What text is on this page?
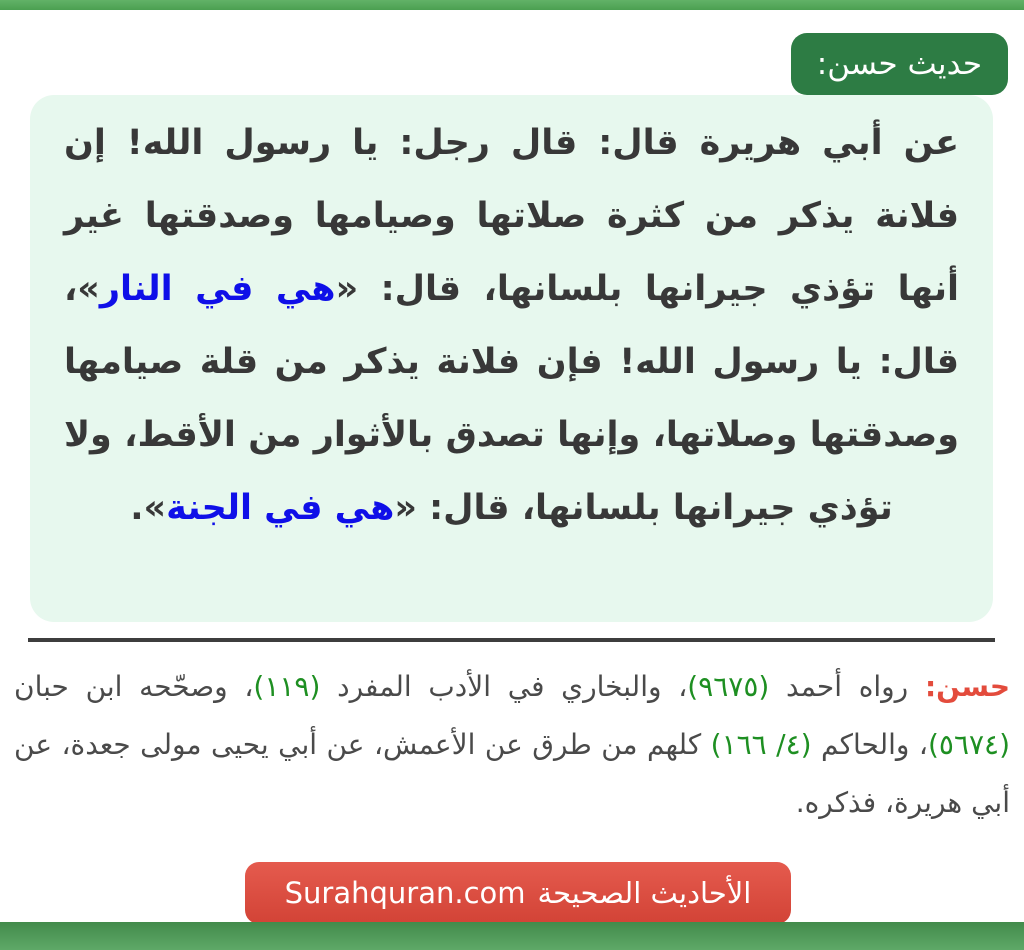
حديث حسن:

عن أبي هريرة قال: قال رجل: يا رسول الله! إن فلانة يذكر من كثرة صلاتها وصيامها وصدقتها غير أنها تؤذي جيرانها بلسانها، قال: «هي في النار»، قال: يا رسول الله! فإن فلانة يذكر من قلة صيامها وصدقتها وصلاتها، وإنها تصدق بالأثوار من الأقط، ولا تؤذي جيرانها بلسانها، قال: «هي في الجنة».

حسن: رواه أحمد (٩٦٧٥)، والبخاري في الأدب المفرد (١١٩)، وصحّحه ابن حبان (٥٦٧٤)، والحاكم (٤/ ١٦٦) كلهم من طرق عن الأعمش، عن أبي يحيى مولى جعدة، عن أبي هريرة، فذكره.

الأحاديث الصحيحة
Surahquran.com
